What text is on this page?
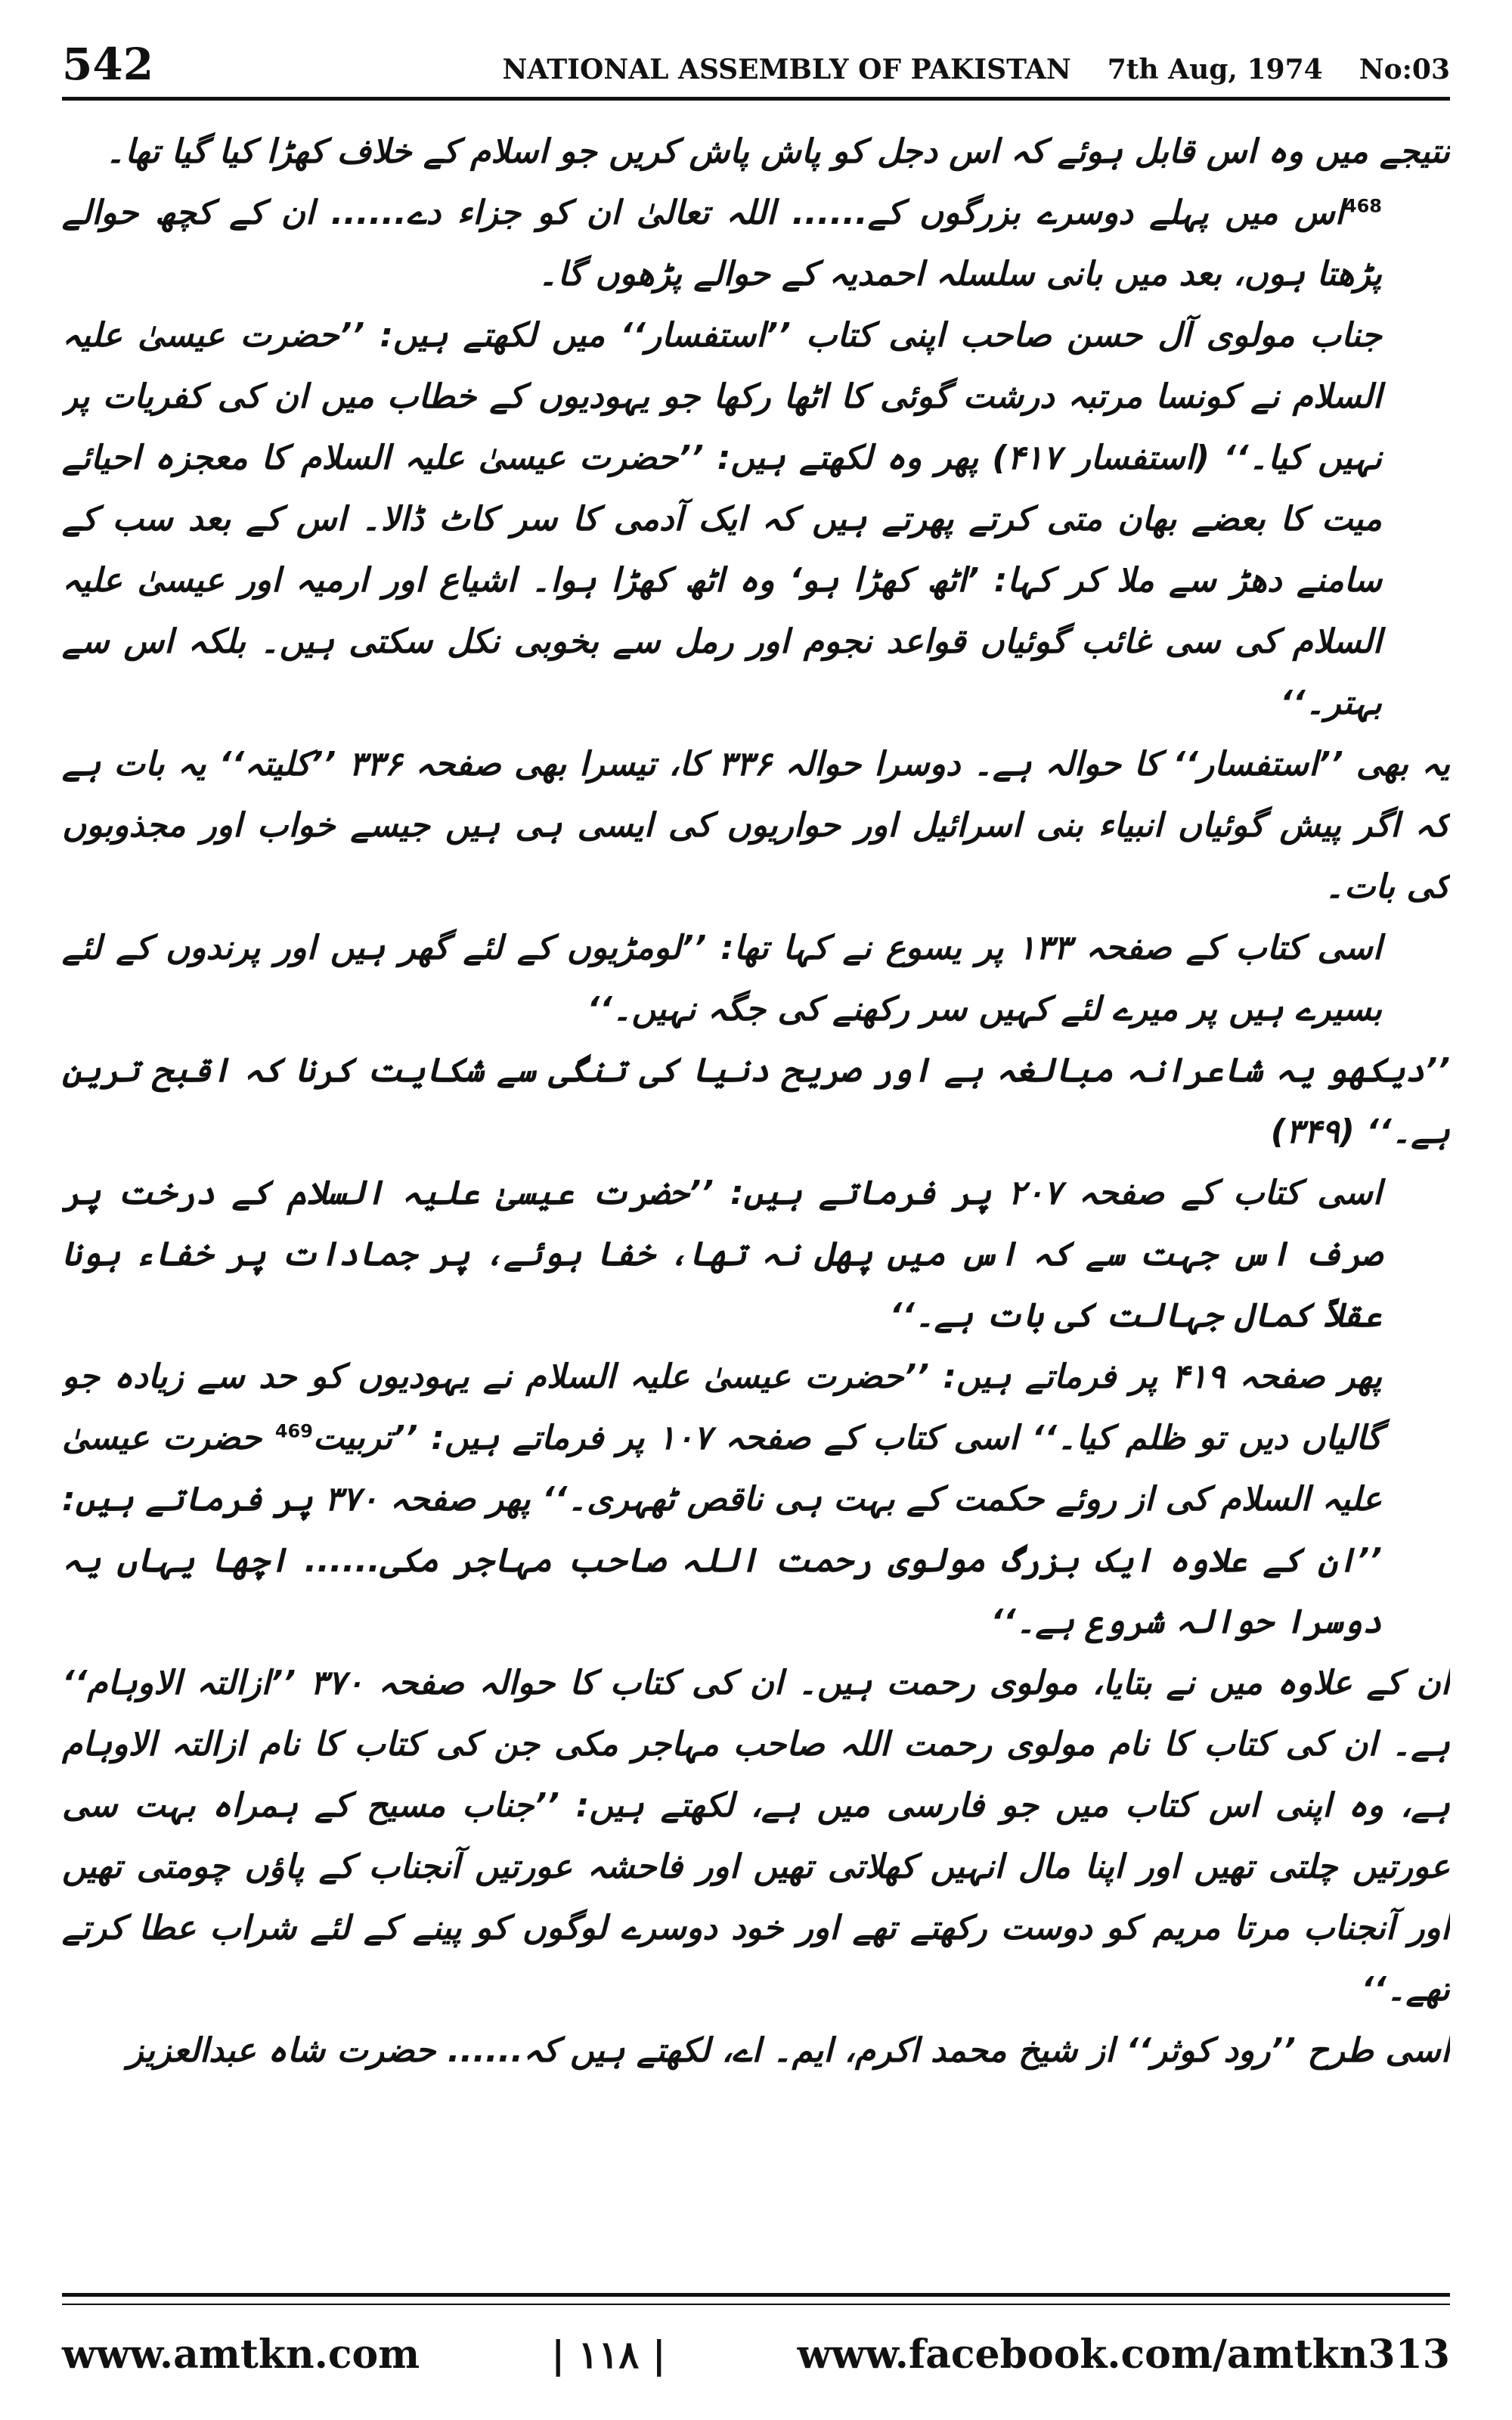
542	NATIONAL ASSEMBLY OF PAKISTAN 7th Aug, 1974 No:03

نتیجے میں وہ اس قابل ہوئے کہ اس دجل کو پاش پاش کریں جو اسلام کے خلاف کھڑا کیا گیا تھا۔

$^{468}$اس میں پہلے دوسرے بزرگوں کے...... اللہ تعالیٰ ان کو جزاء دے...... ان کے کچھ حوالے پڑھتا ہوں، بعد میں بانی سلسلہ احمدیہ کے حوالے پڑھوں گا۔

جناب مولوی آل حسن صاحب اپنی کتاب ’’استفسار‘‘ میں لکھتے ہیں: ’’حضرت عیسیٰ علیہ السلام نے کونسا مرتبہ درشت گوئی کا اٹھا رکھا جو یہودیوں کے خطاب میں ان کی کفریات پر نہیں کیا۔‘‘ (استفسار ۴۱۷) پھر وہ لکھتے ہیں: ’’حضرت عیسیٰ علیہ السلام کا معجزہ احیائے میت کا بعضے بھان متی کرتے پھرتے ہیں کہ ایک آدمی کا سر کاٹ ڈالا۔ اس کے بعد سب کے سامنے دھڑ سے ملا کر کہا: ’اٹھ کھڑا ہو‘ وہ اٹھ کھڑا ہوا۔ اشیاع اور ارمیہ اور عیسیٰ علیہ السلام کی سی غائب گوئیاں قواعد نجوم اور رمل سے بخوبی نکل سکتی ہیں۔ بلکہ اس سے بہتر۔‘‘

یہ بھی ’’استفسار‘‘ کا حوالہ ہے۔ دوسرا حوالہ ۳۳۶ کا، تیسرا بھی صفحہ ۳۳۶ ’’کلیتہ‘‘ یہ بات ہے کہ اگر پیش گوئیاں انبیاء بنی اسرائیل اور حواریوں کی ایسی ہی ہیں جیسے خواب اور مجذوبوں کی بات۔

اسی کتاب کے صفحہ ۱۳۳ پر یسوع نے کہا تھا: ’’لومڑیوں کے لئے گھر ہیں اور پرندوں کے لئے بسیرے ہیں پر میرے لئے کہیں سر رکھنے کی جگہ نہیں۔‘‘

’’دیکھو یہ شاعرانہ مبالغہ ہے اور صریح دنیا کی تنگی سے شکایت کرنا کہ اقبح ترین ہے۔‘‘ (۳۴۹)

اسی کتاب کے صفحہ ۲۰۷ پر فرماتے ہیں: ’’حضرت عیسیٰ علیہ السلام کے درخت پر صرف اس جہت سے کہ اس میں پھل نہ تھا، خفا ہوئے، پر جمادات پر خفاء ہونا عقلاً کمال جہالت کی بات ہے۔‘‘

پھر صفحہ ۴۱۹ پر فرماتے ہیں: ’’حضرت عیسیٰ علیہ السلام نے یہودیوں کو حد سے زیادہ جو گالیاں دیں تو ظلم کیا۔‘‘ اسی کتاب کے صفحہ ۱۰۷ پر فرماتے ہیں: ’’تربیت$^{469}$ حضرت عیسیٰ علیہ السلام کی از روئے حکمت کے بہت ہی ناقص ٹھہری۔‘‘ پھر صفحہ ۳۷۰ پر فرماتے ہیں: ’’ان کے علاوہ ایک بزرگ مولوی رحمت اللہ صاحب مہاجر مکی...... اچھا یہاں یہ دوسرا حوالہ شروع ہے۔‘‘

ان کے علاوہ میں نے بتایا، مولوی رحمت ہیں۔ ان کی کتاب کا حوالہ صفحہ ۳۷۰ ’’ازالتہ الاوہام‘‘ ہے۔ ان کی کتاب کا نام مولوی رحمت اللہ صاحب مہاجر مکی جن کی کتاب کا نام ازالتہ الاوہام ہے، وہ اپنی اس کتاب میں جو فارسی میں ہے، لکھتے ہیں: ’’جناب مسیح کے ہمراہ بہت سی عورتیں چلتی تھیں اور اپنا مال انہیں کھلاتی تھیں اور فاحشہ عورتیں آنجناب کے پاؤں چومتی تھیں اور آنجناب مرتا مریم کو دوست رکھتے تھے اور خود دوسرے لوگوں کو پینے کے لئے شراب عطا کرتے تھے۔‘‘

اسی طرح ’’رود کوثر‘‘ از شیخ محمد اکرم، ایم۔ اے، لکھتے ہیں کہ...... حضرت شاہ عبدالعزیز

www.amtkn.com	| ۱۱۸ |	www.facebook.com/amtkn313
